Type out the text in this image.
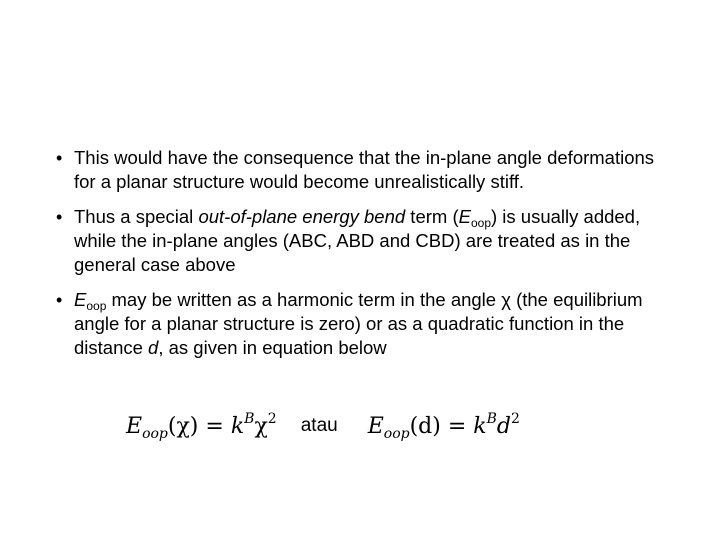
• This would have the consequence that the in-plane angle deformations for a planar structure would become unrealistically stiff.
• Thus a special out-of-plane energy bend term $(E_{oop})$ is usually added, while the in-plane angles (ABC, ABD and CBD) are treated as in the general case above
• $E_{oop}$ may be written as a harmonic term in the angle χ (the equilibrium angle for a planar structure is zero) or as a quadratic function in the distance d, as given in equation below
$E_{oop}(\chi) = k^B\chi^2$ atau $E_{oop}(d) = k^Bd^2$
